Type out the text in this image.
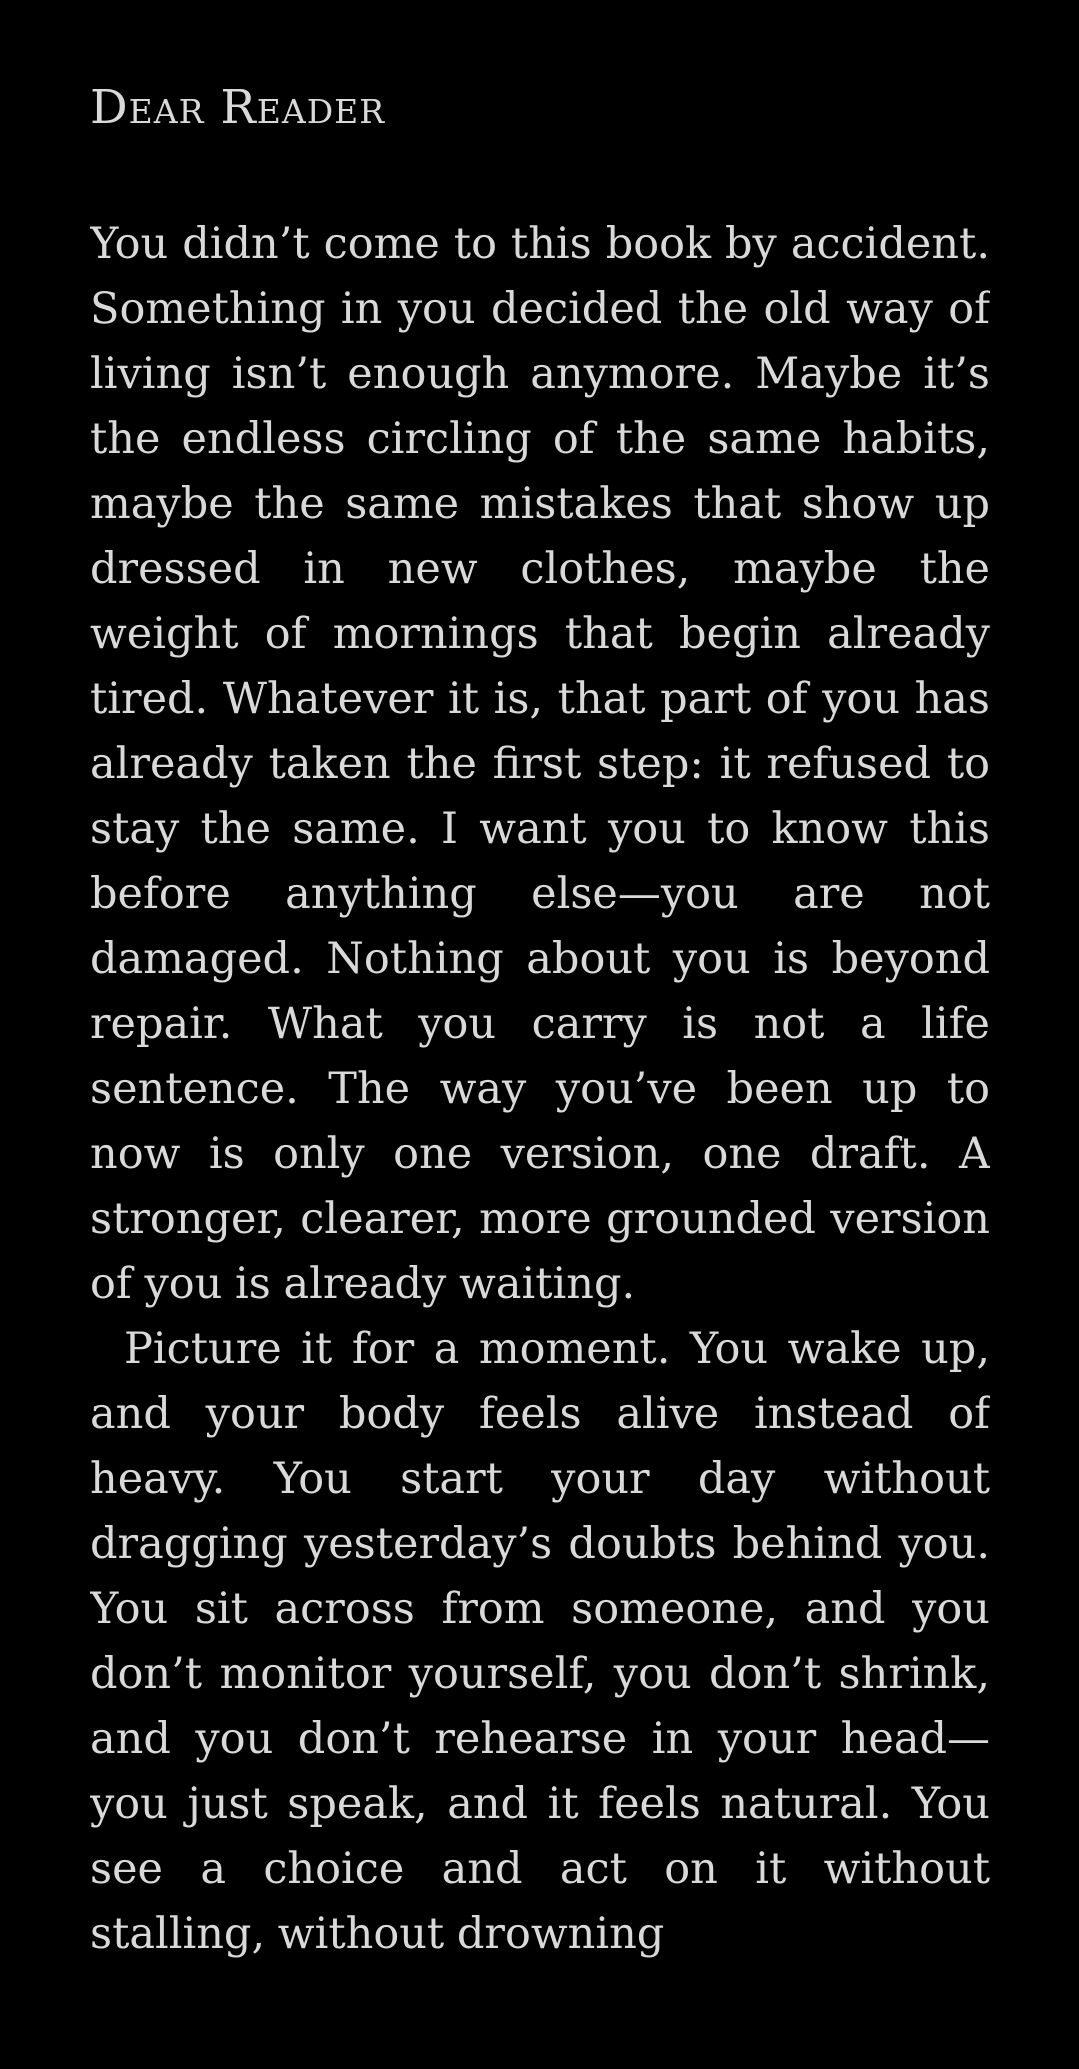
Dear Reader

You didn’t come to this book by accident. Something in you decided the old way of living isn’t enough anymore. Maybe it’s the endless circling of the same habits, maybe the same mistakes that show up dressed in new clothes, maybe the weight of mornings that begin already tired. Whatever it is, that part of you has already taken the first step: it refused to stay the same. I want you to know this before anything else—you are not damaged. Nothing about you is beyond repair. What you carry is not a life sentence. The way you’ve been up to now is only one version, one draft. A stronger, clearer, more grounded version of you is already waiting.

Picture it for a moment. You wake up, and your body feels alive instead of heavy. You start your day without dragging yesterday’s doubts behind you. You sit across from someone, and you don’t monitor yourself, you don’t shrink, and you don’t rehearse in your head—you just speak, and it feels natural. You see a choice and act on it without stalling, without drowning
